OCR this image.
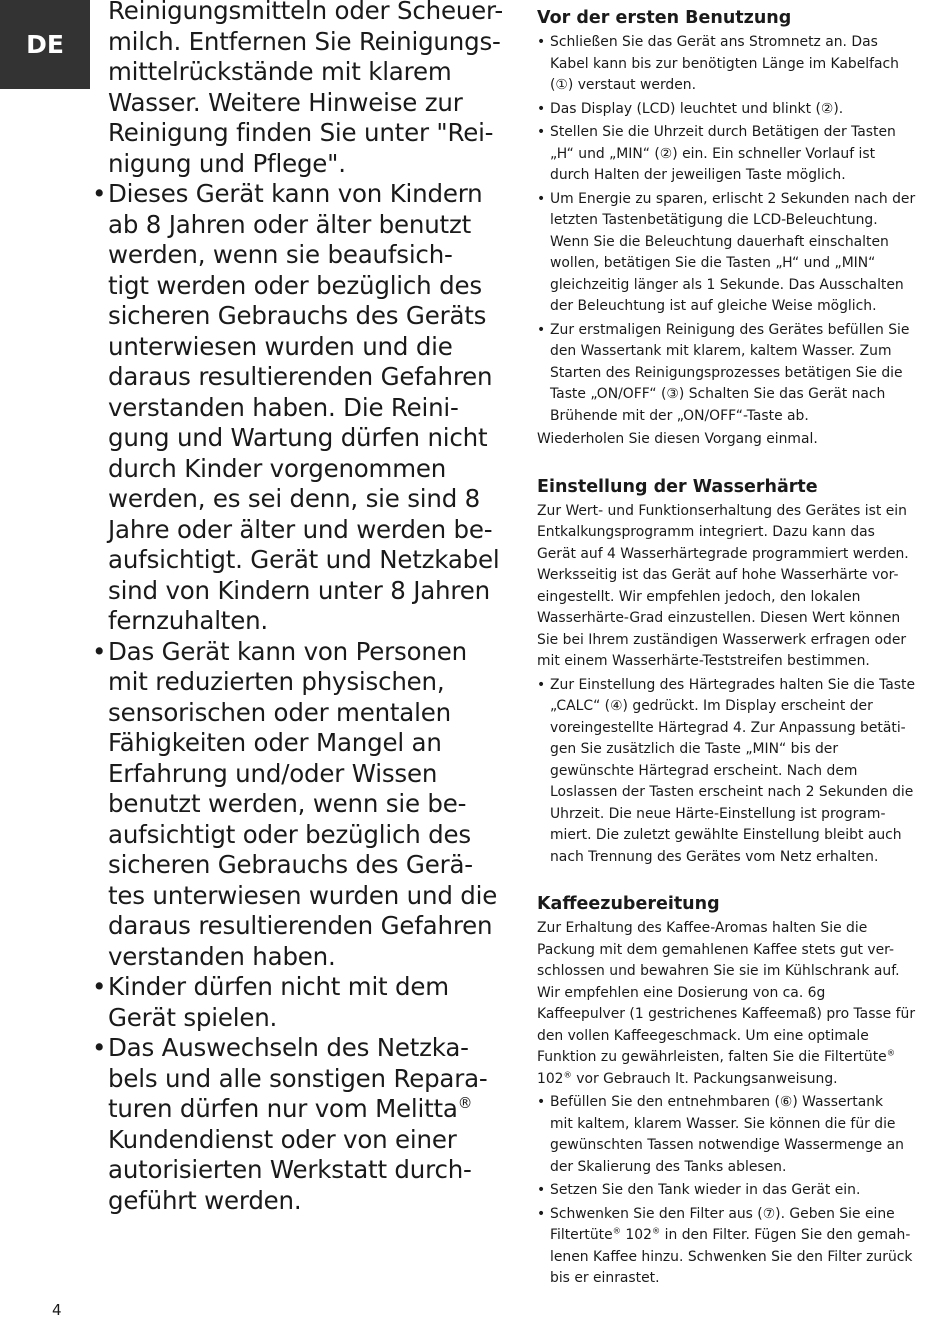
DE

Reinigungsmitteln oder Scheuer-
milch. Entfernen Sie Reinigungs-
mittelrückstände mit klarem
Wasser. Weitere Hinweise zur
Reinigung finden Sie unter "Rei-
nigung und Pflege".

• Dieses Gerät kann von Kindern
ab 8 Jahren oder älter benutzt
werden, wenn sie beaufsich-
tigt werden oder bezüglich des
sicheren Gebrauchs des Geräts
unterwiesen wurden und die
daraus resultierenden Gefahren
verstanden haben. Die Reini-
gung und Wartung dürfen nicht
durch Kinder vorgenommen
werden, es sei denn, sie sind 8
Jahre oder älter und werden be-
aufsichtigt. Gerät und Netzkabel
sind von Kindern unter 8 Jahren
fernzuhalten.
• Das Gerät kann von Personen
mit reduzierten physischen,
sensorischen oder mentalen
Fähigkeiten oder Mangel an
Erfahrung und/oder Wissen
benutzt werden, wenn sie be-
aufsichtigt oder bezüglich des
sicheren Gebrauchs des Gerä-
tes unterwiesen wurden und die
daraus resultierenden Gefahren
verstanden haben.
• Kinder dürfen nicht mit dem
Gerät spielen.
• Das Auswechseln des Netzka-
bels und alle sonstigen Repara-
turen dürfen nur vom Melitta®
Kundendienst oder von einer
autorisierten Werkstatt durch-
geführt werden.
Vor der ersten Benutzung
• Schließen Sie das Gerät ans Stromnetz an. Das
Kabel kann bis zur benötigten Länge im Kabelfach
(①) verstaut werden.
• Das Display (LCD) leuchtet und blinkt (②).
• Stellen Sie die Uhrzeit durch Betätigen der Tasten
„H“ und „MIN“ (②) ein. Ein schneller Vorlauf ist
durch Halten der jeweiligen Taste möglich.
• Um Energie zu sparen, erlischt 2 Sekunden nach der
letzten Tastenbetätigung die LCD-Beleuchtung.
Wenn Sie die Beleuchtung dauerhaft einschalten
wollen, betätigen Sie die Tasten „H“ und „MIN“
gleichzeitig länger als 1 Sekunde. Das Ausschalten
der Beleuchtung ist auf gleiche Weise möglich.
• Zur erstmaligen Reinigung des Gerätes befüllen Sie
den Wassertank mit klarem, kaltem Wasser. Zum
Starten des Reinigungsprozesses betätigen Sie die
Taste „ON/OFF“ (③) Schalten Sie das Gerät nach
Brühende mit der „ON/OFF“-Taste ab.

Wiederholen Sie diesen Vorgang einmal.

Einstellung der Wasserhärte

Zur Wert- und Funktionserhaltung des Gerätes ist ein
Entkalkungsprogramm integriert. Dazu kann das
Gerät auf 4 Wasserhärtegrade programmiert werden.
Werksseitig ist das Gerät auf hohe Wasserhärte vor-
eingestellt. Wir empfehlen jedoch, den lokalen
Wasserhärte-Grad einzustellen. Diesen Wert können
Sie bei Ihrem zuständigen Wasserwerk erfragen oder
mit einem Wasserhärte-Teststreifen bestimmen.

• Zur Einstellung des Härtegrades halten Sie die Taste
„CALC“ (④) gedrückt. Im Display erscheint der
voreingestellte Härtegrad 4. Zur Anpassung betäti-
gen Sie zusätzlich die Taste „MIN“ bis der
gewünschte Härtegrad erscheint. Nach dem
Loslassen der Tasten erscheint nach 2 Sekunden die
Uhrzeit. Die neue Härte-Einstellung ist program-
miert. Die zuletzt gewählte Einstellung bleibt auch
nach Trennung des Gerätes vom Netz erhalten.
Kaffeezubereitung

Zur Erhaltung des Kaffee-Aromas halten Sie die
Packung mit dem gemahlenen Kaffee stets gut ver-
schlossen und bewahren Sie sie im Kühlschrank auf.
Wir empfehlen eine Dosierung von ca. 6g
Kaffeepulver (1 gestrichenes Kaffeemaß) pro Tasse für
den vollen Kaffeegeschmack. Um eine optimale
Funktion zu gewährleisten, falten Sie die Filtertüte®
102® vor Gebrauch lt. Packungsanweisung.

• Befüllen Sie den entnehmbaren (⑥) Wassertank
mit kaltem, klarem Wasser. Sie können die für die
gewünschten Tassen notwendige Wassermenge an
der Skalierung des Tanks ablesen.
• Setzen Sie den Tank wieder in das Gerät ein.
• Schwenken Sie den Filter aus (⑦). Geben Sie eine
Filtertüte® 102® in den Filter. Fügen Sie den gemah-
lenen Kaffee hinzu. Schwenken Sie den Filter zurück
bis er einrastet.
4
